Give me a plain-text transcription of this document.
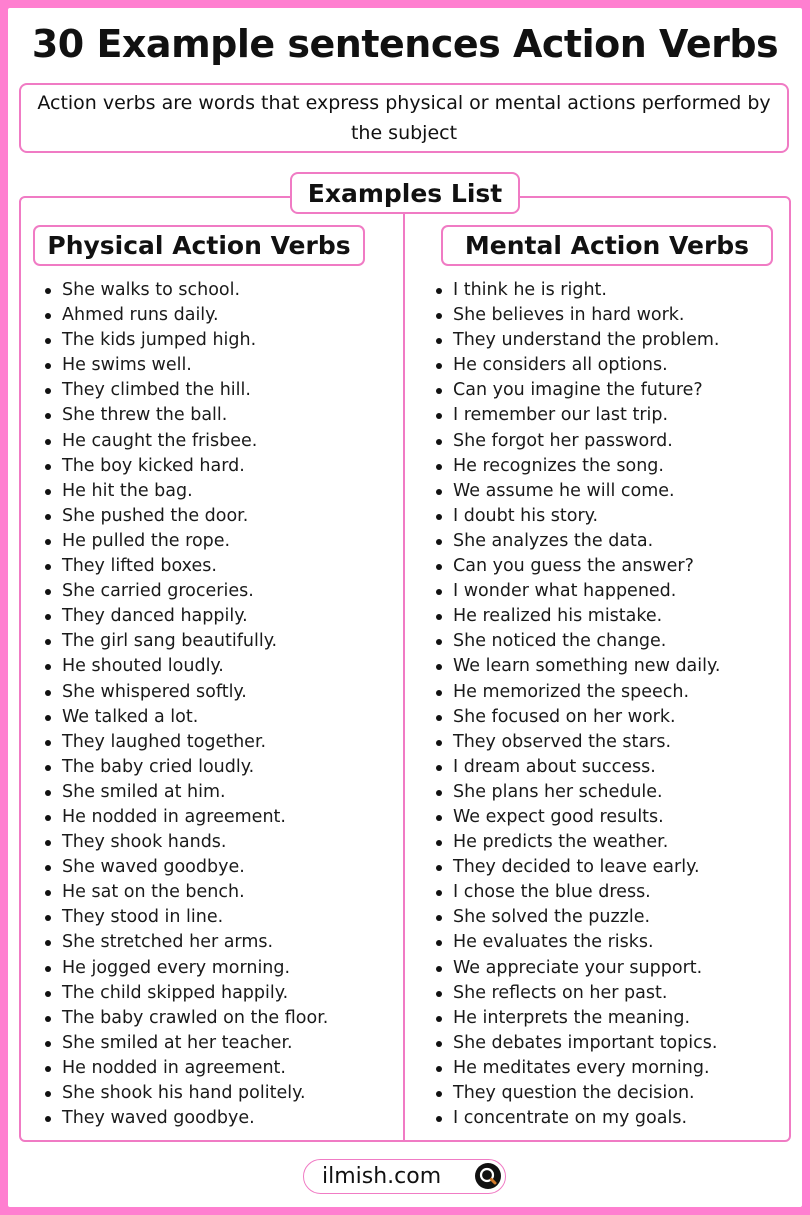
30 Example sentences Action Verbs
Action verbs are words that express physical or mental actions performed by the subject
Examples List
Physical Action Verbs	Mental Action Verbs
She walks to school.
Ahmed runs daily.
The kids jumped high.
He swims well.
They climbed the hill.
She threw the ball.
He caught the frisbee.
The boy kicked hard.
He hit the bag.
She pushed the door.
He pulled the rope.
They lifted boxes.
She carried groceries.
They danced happily.
The girl sang beautifully.
He shouted loudly.
She whispered softly.
We talked a lot.
They laughed together.
The baby cried loudly.
She smiled at him.
He nodded in agreement.
They shook hands.
She waved goodbye.
He sat on the bench.
They stood in line.
She stretched her arms.
He jogged every morning.
The child skipped happily.
The baby crawled on the floor.
She smiled at her teacher.
He nodded in agreement.
She shook his hand politely.
They waved goodbye.
I think he is right.
She believes in hard work.
They understand the problem.
He considers all options.
Can you imagine the future?
I remember our last trip.
She forgot her password.
He recognizes the song.
We assume he will come.
I doubt his story.
She analyzes the data.
Can you guess the answer?
I wonder what happened.
He realized his mistake.
She noticed the change.
We learn something new daily.
He memorized the speech.
She focused on her work.
They observed the stars.
I dream about success.
She plans her schedule.
We expect good results.
He predicts the weather.
They decided to leave early.
I chose the blue dress.
She solved the puzzle.
He evaluates the risks.
We appreciate your support.
She reflects on her past.
He interprets the meaning.
She debates important topics.
He meditates every morning.
They question the decision.
I concentrate on my goals.
ilmish.com
